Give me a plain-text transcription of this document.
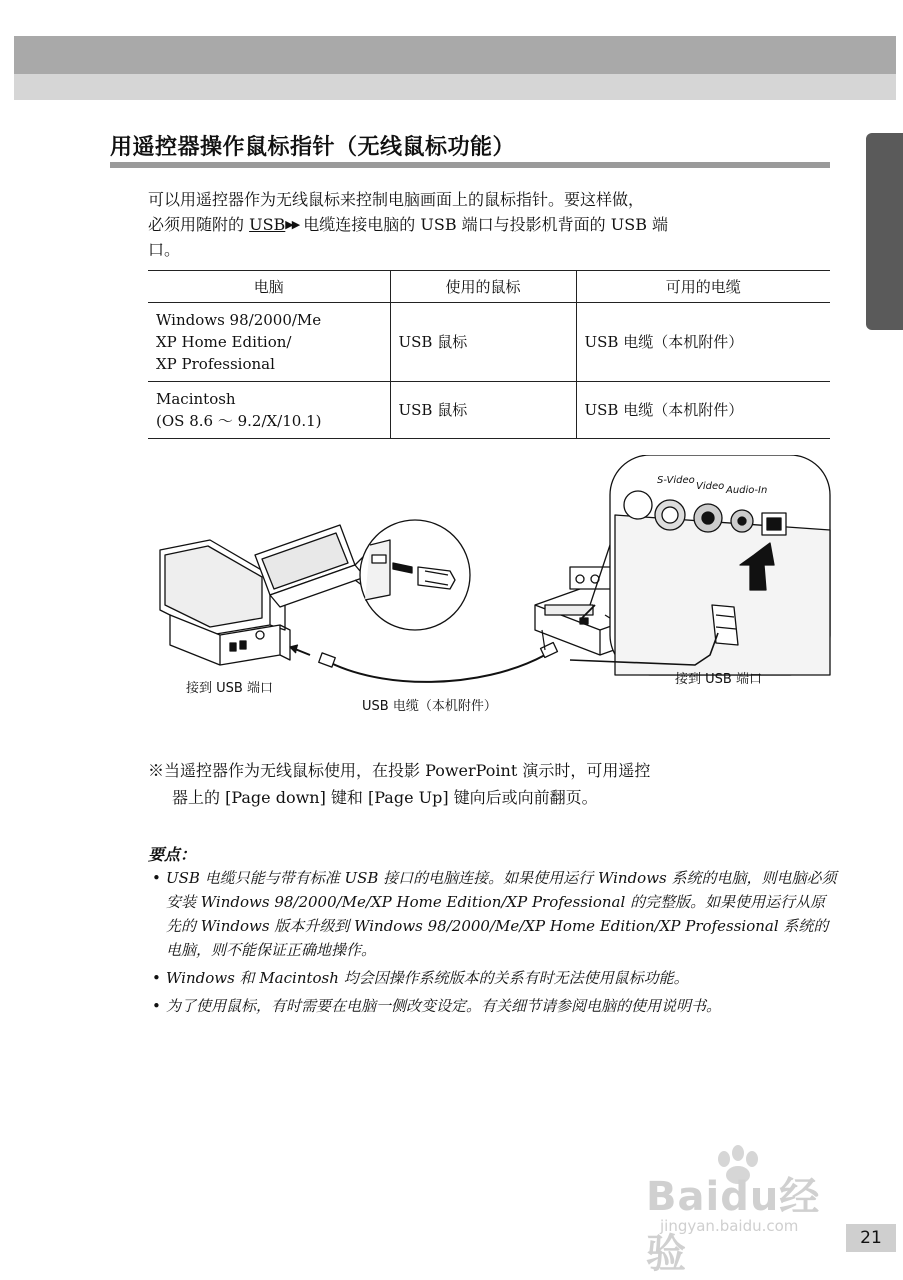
用遥控器操作鼠标指针（无线鼠标功能）
可以用遥控器作为无线鼠标来控制电脑画面上的鼠标指针。要这样做，
必须用随附的 USB▶▶ 电缆连接电脑的 USB 端口与投影机背面的 USB 端
口。
电脑	使用的鼠标	可用的电缆

Windows 98/2000/Me
XP Home Edition/
XP Professional	USB 鼠标	USB 电缆（本机附件）

Macintosh
(OS 8.6 ～ 9.2/X/10.1)	USB 鼠标	USB 电缆（本机附件）
接到 USB 端口
USB 电缆（本机附件）
接到 USB 端口
S-Video
Video Audio-In
※当遥控器作为无线鼠标使用，在投影 PowerPoint 演示时，可用遥控
器上的 [Page down] 键和 [Page Up] 键向后或向前翻页。
要点：
• USB 电缆只能与带有标准 USB 接口的电脑连接。如果使用运行 Windows 系统的电脑，则电脑必须安装 Windows 98/2000/Me/XP Home Edition/XP Professional 的完整版。如果使用运行从原先的 Windows 版本升级到 Windows 98/2000/Me/XP Home Edition/XP Professional 系统的电脑，则不能保证正确地操作。
• Windows 和 Macintosh 均会因操作系统版本的关系有时无法使用鼠标功能。
• 为了使用鼠标，有时需要在电脑一侧改变设定。有关细节请参阅电脑的使用说明书。
Baidu经验
jingyan.baidu.com
21
